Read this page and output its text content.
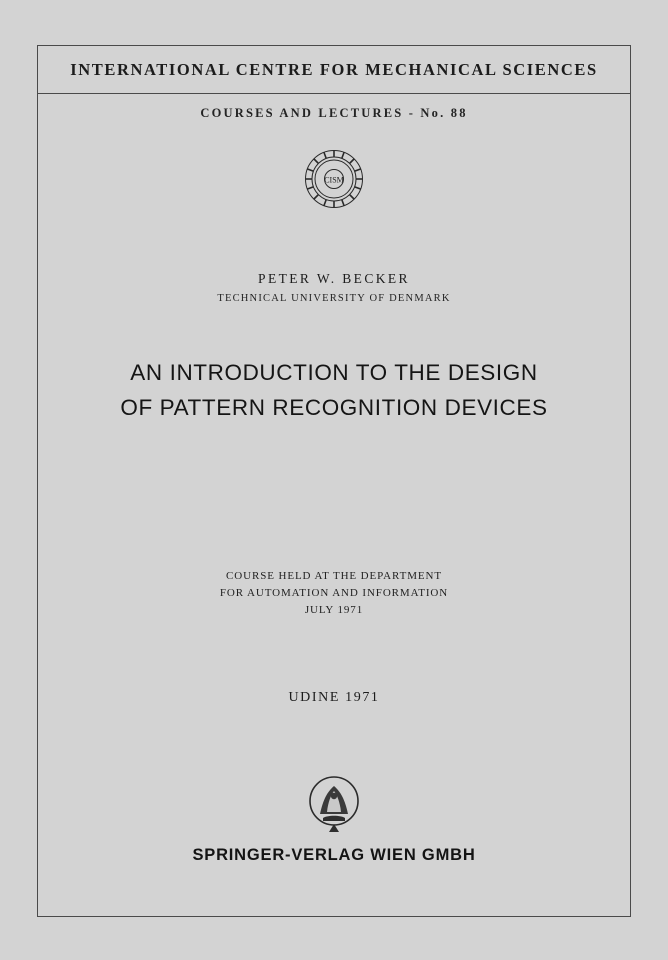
INTERNATIONAL CENTRE FOR MECHANICAL SCIENCES
COURSES AND LECTURES - No. 88
CISM
PETER W. BECKER
TECHNICAL UNIVERSITY OF DENMARK
AN INTRODUCTION TO THE DESIGN
OF PATTERN RECOGNITION DEVICES
COURSE HELD AT THE DEPARTMENT
FOR AUTOMATION AND INFORMATION
JULY 1971
UDINE 1971
SPRINGER-VERLAG WIEN GMBH
